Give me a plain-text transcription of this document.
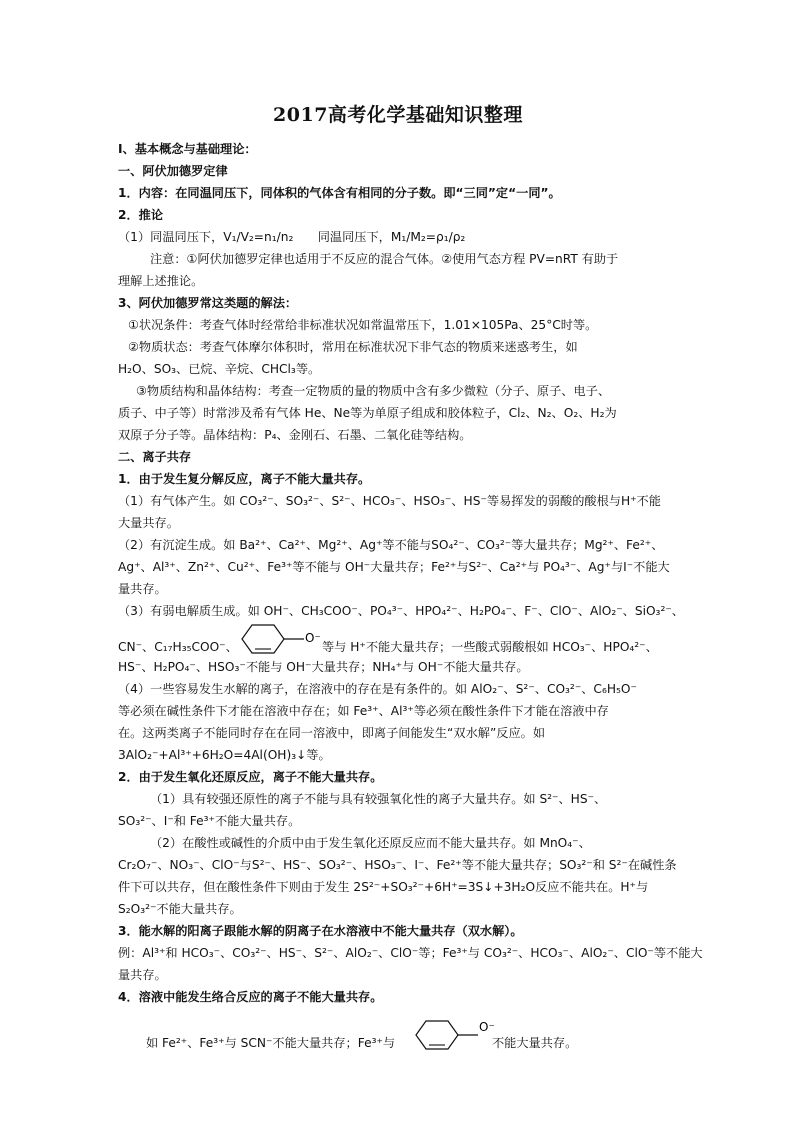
2017高考化学基础知识整理

Ⅰ、基本概念与基础理论：

一、阿伏加德罗定律

1．内容：在同温同压下，同体积的气体含有相同的分子数。即“三同”定“一同”。

2．推论

（1）同温同压下，V₁/V₂=n₁/n₂　　同温同压下，M₁/M₂=ρ₁/ρ₂

注意：①阿伏加德罗定律也适用于不反应的混合气体。②使用气态方程 PV=nRT 有助于

理解上述推论。

3、阿伏加德罗常这类题的解法：

①状况条件：考查气体时经常给非标准状况如常温常压下，1.01×105Pa、25°C时等。

②物质状态：考查气体摩尔体积时，常用在标准状况下非气态的物质来迷惑考生，如

H₂O、SO₃、已烷、辛烷、CHCl₃等。

③物质结构和晶体结构：考查一定物质的量的物质中含有多少微粒（分子、原子、电子、

质子、中子等）时常涉及希有气体 He、Ne等为单原子组成和胶体粒子，Cl₂、N₂、O₂、H₂为

双原子分子等。晶体结构：P₄、金刚石、石墨、二氧化硅等结构。

二、离子共存

1．由于发生复分解反应，离子不能大量共存。

（1）有气体产生。如 CO₃²⁻、SO₃²⁻、S²⁻、HCO₃⁻、HSO₃⁻、HS⁻等易挥发的弱酸的酸根与H⁺不能

大量共存。

（2）有沉淀生成。如 Ba²⁺、Ca²⁺、Mg²⁺、Ag⁺等不能与SO₄²⁻、CO₃²⁻等大量共存；Mg²⁺、Fe²⁺、

Ag⁺、Al³⁺、Zn²⁺、Cu²⁺、Fe³⁺等不能与 OH⁻大量共存；Fe²⁺与S²⁻、Ca²⁺与 PO₄³⁻、Ag⁺与I⁻不能大

量共存。

（3）有弱电解质生成。如 OH⁻、CH₃COO⁻、PO₄³⁻、HPO₄²⁻、H₂PO₄⁻、F⁻、ClO⁻、AlO₂⁻、SiO₃²⁻、

CN⁻、C₁₇H₃₅COO⁻、
O⁻
等与 H⁺不能大量共存；一些酸式弱酸根如 HCO₃⁻、HPO₄²⁻、

HS⁻、H₂PO₄⁻、HSO₃⁻不能与 OH⁻大量共存；NH₄⁺与 OH⁻不能大量共存。

（4）一些容易发生水解的离子，在溶液中的存在是有条件的。如 AlO₂⁻、S²⁻、CO₃²⁻、C₆H₅O⁻

等必须在碱性条件下才能在溶液中存在；如 Fe³⁺、Al³⁺等必须在酸性条件下才能在溶液中存

在。这两类离子不能同时存在在同一溶液中，即离子间能发生“双水解”反应。如

3AlO₂⁻+Al³⁺+6H₂O=4Al(OH)₃↓等。

2．由于发生氧化还原反应，离子不能大量共存。

（1）具有较强还原性的离子不能与具有较强氧化性的离子大量共存。如 S²⁻、HS⁻、

SO₃²⁻、I⁻和 Fe³⁺不能大量共存。

（2）在酸性或碱性的介质中由于发生氧化还原反应而不能大量共存。如 MnO₄⁻、

Cr₂O₇⁻、NO₃⁻、ClO⁻与S²⁻、HS⁻、SO₃²⁻、HSO₃⁻、I⁻、Fe²⁺等不能大量共存；SO₃²⁻和 S²⁻在碱性条

件下可以共存，但在酸性条件下则由于发生 2S²⁻+SO₃²⁻+6H⁺=3S↓+3H₂O反应不能共在。H⁺与

S₂O₃²⁻不能大量共存。

3．能水解的阳离子跟能水解的阴离子在水溶液中不能大量共存（双水解）。

例：Al³⁺和 HCO₃⁻、CO₃²⁻、HS⁻、S²⁻、AlO₂⁻、ClO⁻等；Fe³⁺与 CO₃²⁻、HCO₃⁻、AlO₂⁻、ClO⁻等不能大

量共存。

4．溶液中能发生络合反应的离子不能大量共存。

如 Fe²⁺、Fe³⁺与 SCN⁻不能大量共存；Fe³⁺与
O⁻
不能大量共存。
